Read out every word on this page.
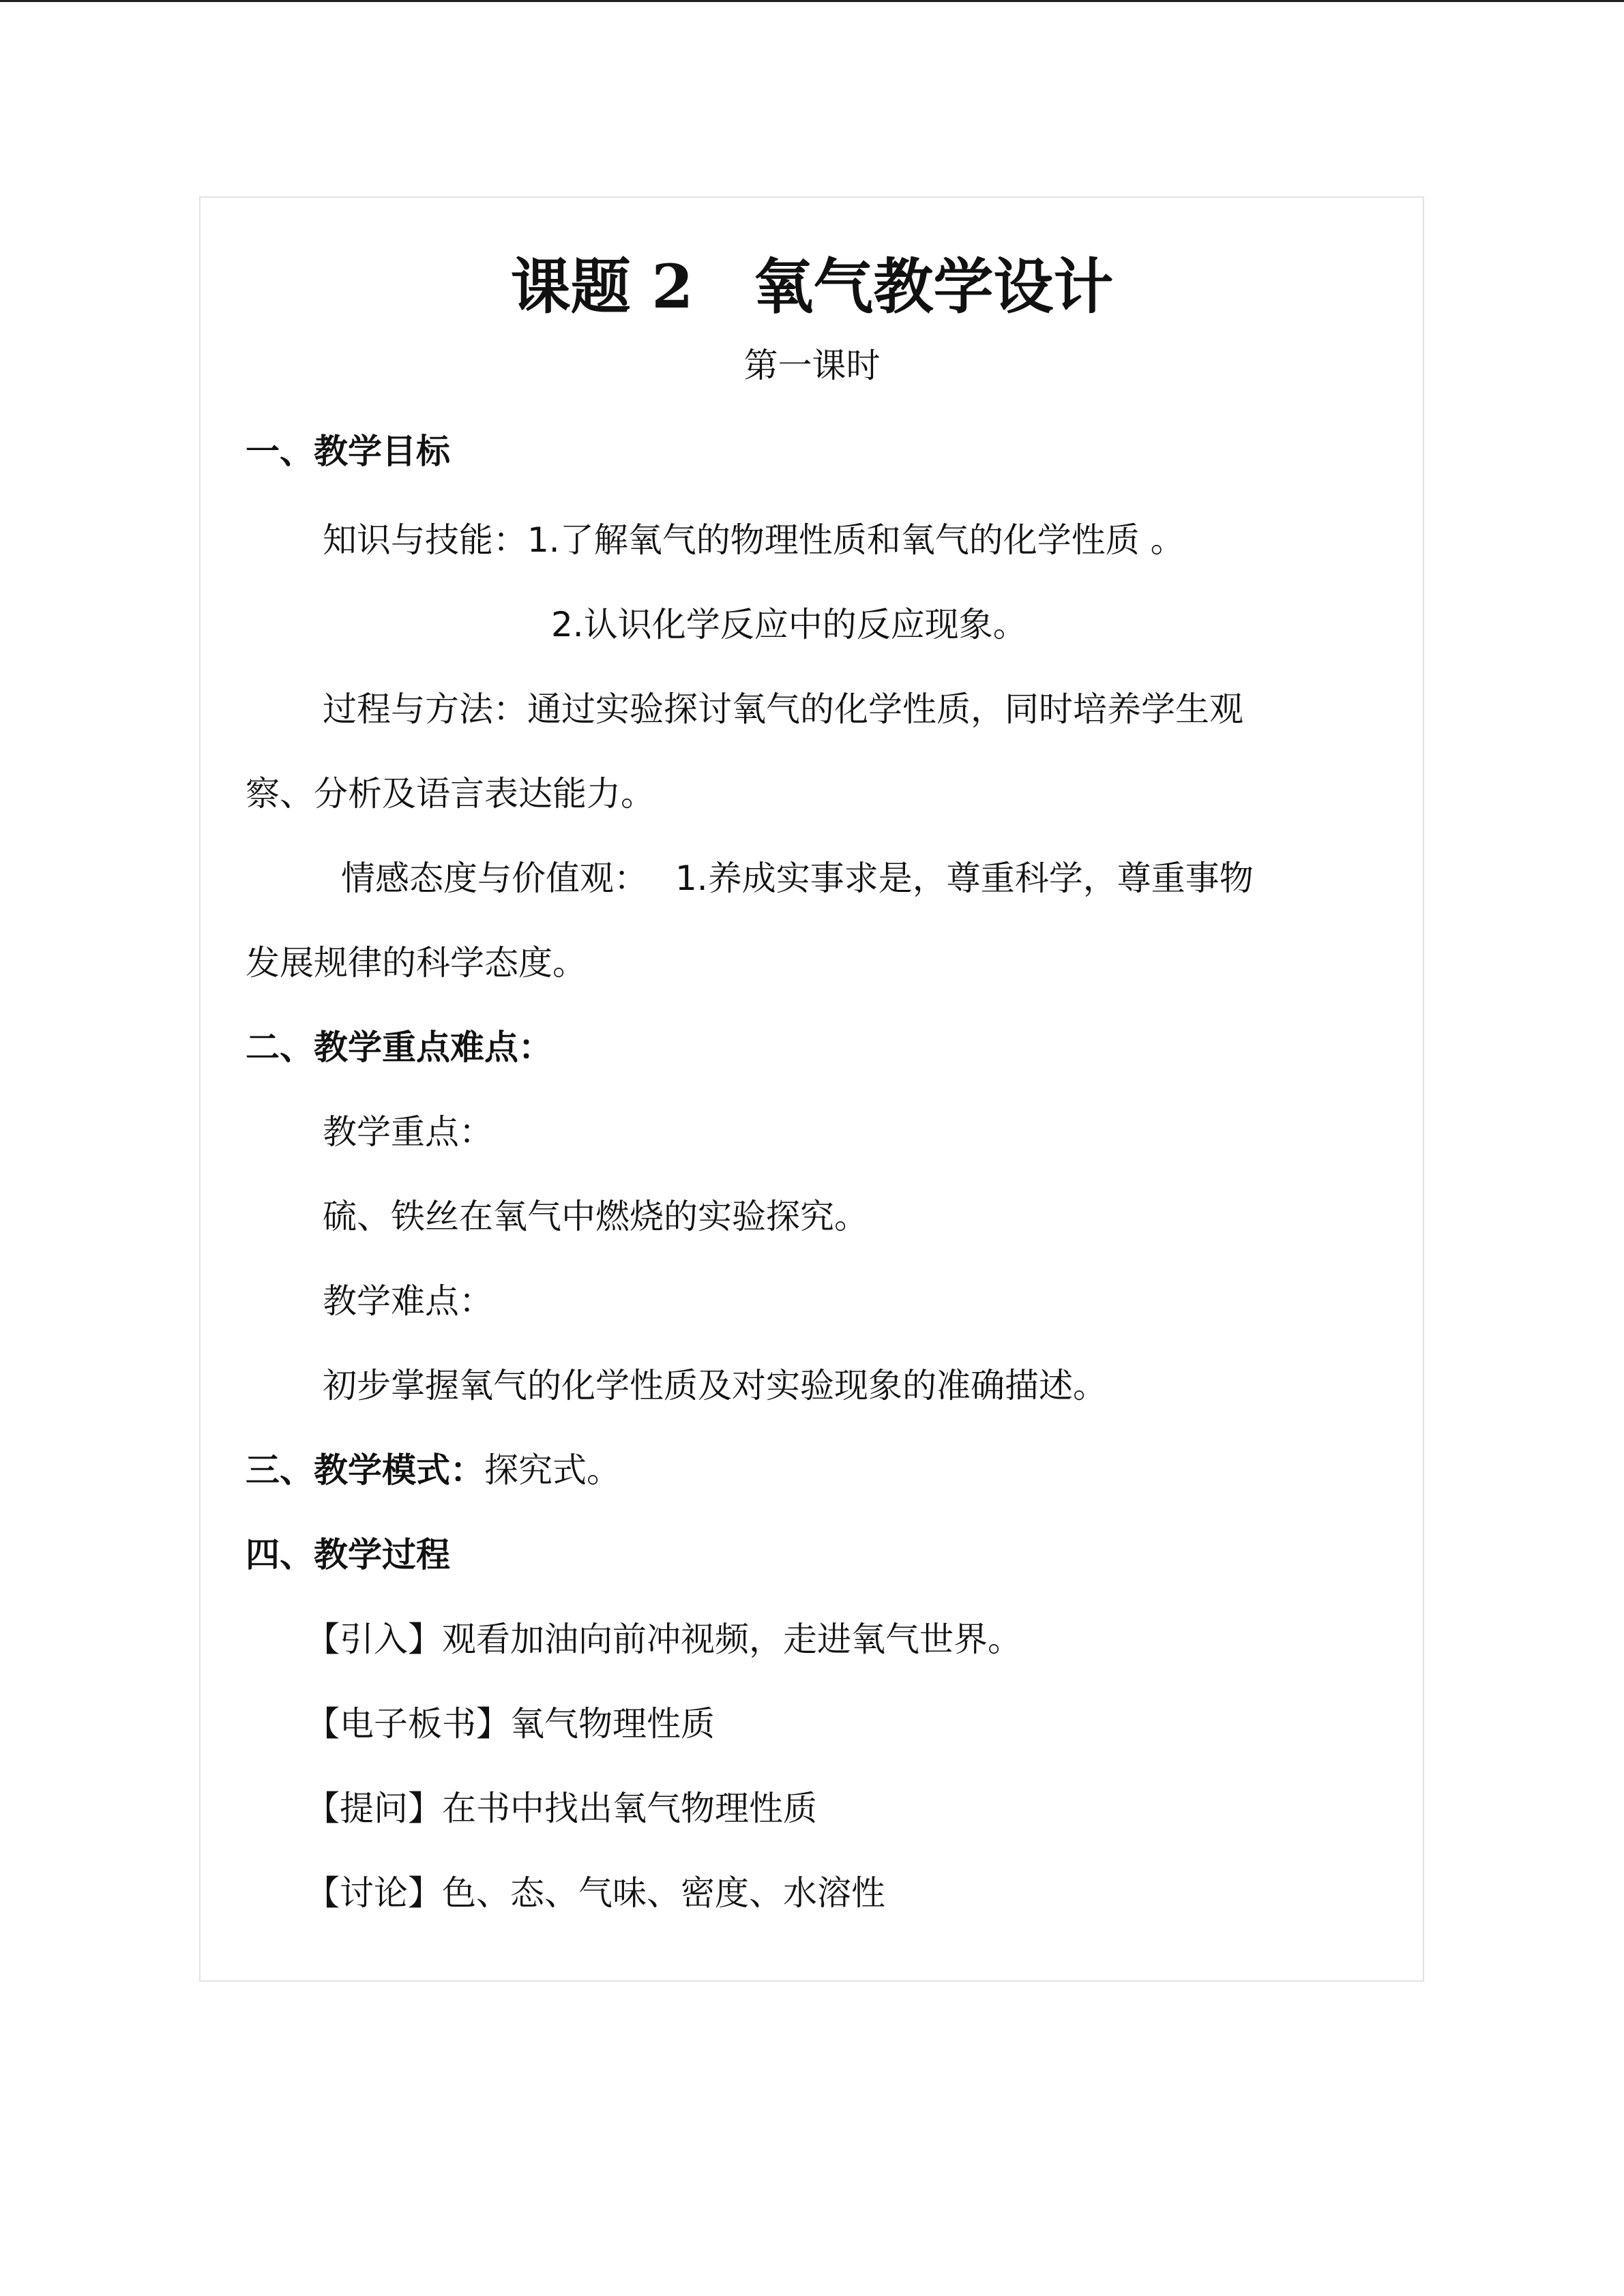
课题 2　氧气教学设计
第一课时
一、教学目标
知识与技能：1.了解氧气的物理性质和氧气的化学性质 。
2.认识化学反应中的反应现象。
过程与方法：通过实验探讨氧气的化学性质，同时培养学生观
察、分析及语言表达能力。
情感态度与价值观： 1.养成实事求是，尊重科学，尊重事物
发展规律的科学态度。
二、教学重点难点：
教学重点：
硫、铁丝在氧气中燃烧的实验探究。
教学难点：
初步掌握氧气的化学性质及对实验现象的准确描述。
三、教学模式：探究式。
四、教学过程
【引入】观看加油向前冲视频，走进氧气世界。
【电子板书】氧气物理性质
【提问】在书中找出氧气物理性质
【讨论】色、态、气味、密度、水溶性
